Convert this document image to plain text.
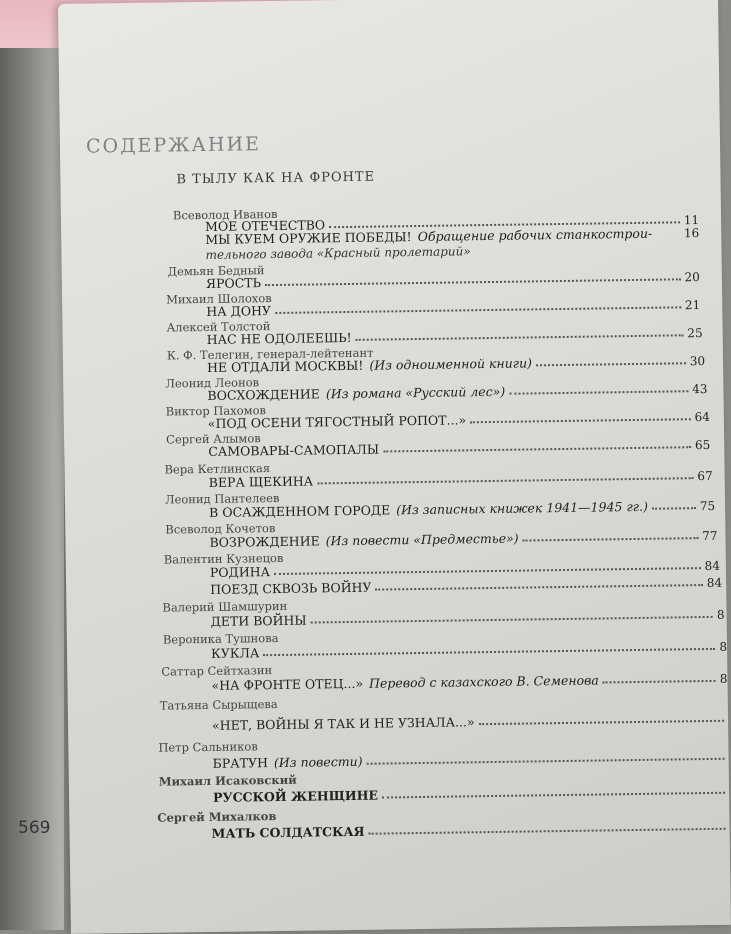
СОДЕРЖАНИЕ
В ТЫЛУ КАК НА ФРОНТЕ
Всеволод Иванов
МОЕ ОТЕЧЕСТВО	11
МЫ КУЕМ ОРУЖИЕ ПОБЕДЫ! Обращение рабочих станкострои-	16
тельного завода «Красный пролетарий»
Демьян Бедный
ЯРОСТЬ	20
Михаил Шолохов
НА ДОНУ	21
Алексей Толстой
НАС НЕ ОДОЛЕЕШЬ!	25
К. Ф. Телегин, генерал-лейтенант
НЕ ОТДАЛИ МОСКВЫ! (Из одноименной книги)	30
Леонид Леонов
ВОСХОЖДЕНИЕ (Из романа «Русский лес»)	43
Виктор Пахомов
«ПОД ОСЕНИ ТЯГОСТНЫЙ РОПОТ...»	64
Сергей Алымов
САМОВАРЫ-САМОПАЛЫ	65
Вера Кетлинская
ВЕРА ЩЕКИНА	67
Леонид Пантелеев
В ОСАЖДЕННОМ ГОРОДЕ (Из записных книжек 1941—1945 гг.)	75
Всеволод Кочетов
ВОЗРОЖДЕНИЕ (Из повести «Предместье»)	77
Валентин Кузнецов
РОДИНА	84
ПОЕЗД СКВОЗЬ ВОЙНУ	84
Валерий Шамшурин
ДЕТИ ВОЙНЫ	8
Вероника Тушнова
КУКЛА	8
Саттар Сейтхазин
«НА ФРОНТЕ ОТЕЦ...» Перевод с казахского В. Семенова	8
Татьяна Сырыщева
«НЕТ, ВОЙНЫ Я ТАК И НЕ УЗНАЛА...»
Петр Сальников
БРАТУН (Из повести)
Михаил Исаковский
РУССКОЙ ЖЕНЩИНЕ
Сергей Михалков
МАТЬ СОЛДАТСКАЯ
569
